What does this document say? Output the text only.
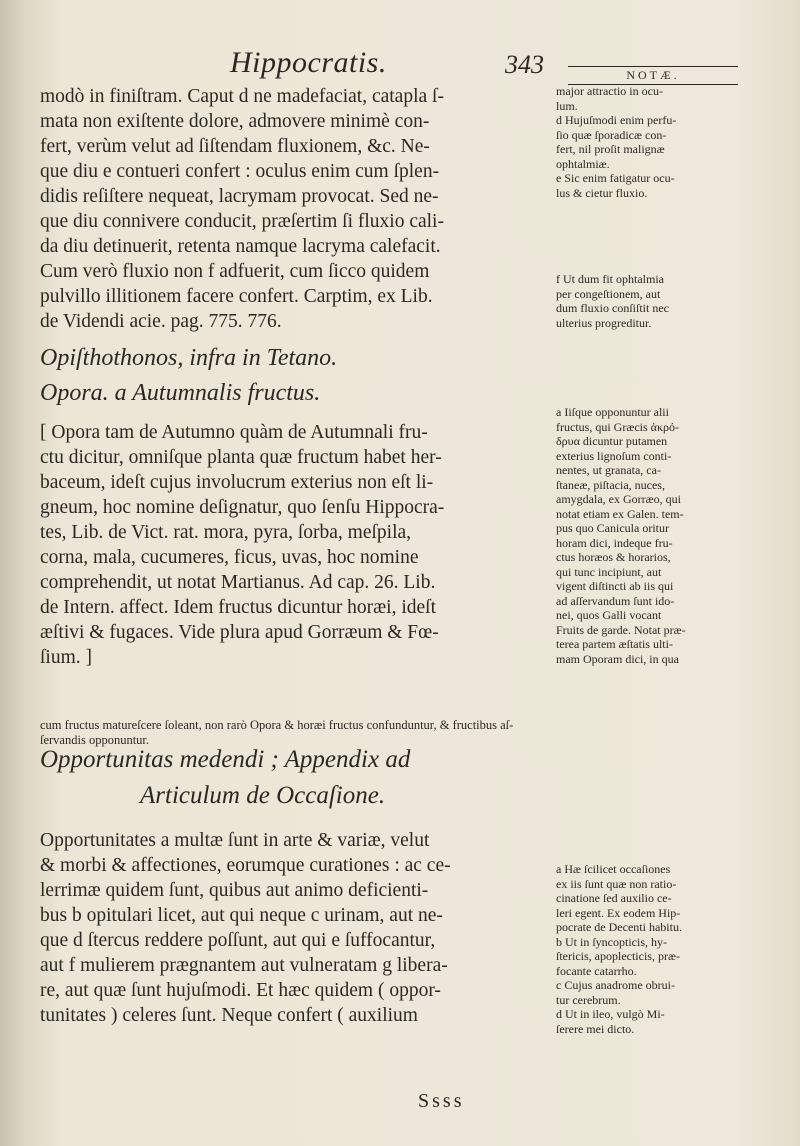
Hippocratis.	343	NOTÆ.
modò in finiſtram. Caput d ne madefaciat, catapla ſ-
mata non exiſtente dolore, admovere minimè con-
fert, verùm velut ad ſiſtendam fluxionem, &c. Ne-
que diu e contueri confert : oculus enim cum ſplen-
didis reſiſtere nequeat, lacrymam provocat. Sed ne-
que diu connivere conducit, præſertim ſi fluxio cali-
da diu detinuerit, retenta namque lacryma calefacit.
Cum verò fluxio non f adfuerit, cum ſicco quidem
pulvillo illitionem facere confert. Carptim, ex Lib.
de Videndi acie. pag. 775. 776.
Opiſthothonos, infra in Tetano.
Opora. a Autumnalis fructus.
[ Opora tam de Autumno quàm de Autumnali fru-
ctu dicitur, omniſque planta quæ fructum habet her-
baceum, ideſt cujus involucrum exterius non eſt li-
gneum, hoc nomine deſignatur, quo ſenſu Hippocra-
tes, Lib. de Vict. rat. mora, pyra, ſorba, meſpila,
corna, mala, cucumeres, ficus, uvas, hoc nomine
comprehendit, ut notat Martianus. Ad cap. 26. Lib.
de Intern. affect. Idem fructus dicuntur horæi, ideſt
æſtivi & fugaces. Vide plura apud Gorræum & Fœ-
ſium. ]
Opportunitas medendi ; Appendix ad
Articulum de Occaſione.
Opportunitates a multæ ſunt in arte & variæ, velut
& morbi & affectiones, eorumque curationes : ac ce-
lerrimæ quidem ſunt, quibus aut animo deficienti-
bus b opitulari licet, aut qui neque c urinam, aut ne-
que d ſtercus reddere poſſunt, aut qui e ſuffocantur,
aut f mulierem prægnantem aut vulneratam g libera-
re, aut quæ ſunt hujuſmodi. Et hæc quidem ( oppor-
tunitates ) celeres ſunt. Neque confert ( auxilium
major attractio in ocu-
lum.
d Hujuſmodi enim perfu-
ſio quæ ſporadicæ con-
fert, nil proſit malignæ
ophtalmiæ.
e Sic enim fatigatur ocu-
lus & cietur fluxio.
f Ut dum fit ophtalmia
per congeſtionem, aut
dum fluxio conſiſtit nec
ulterius progreditur.
a Iiſque opponuntur alii
fructus, qui Græcis ἀκρό-
δρυα dicuntur putamen
exterius lignoſum conti-
nentes, ut granata, ca-
ſtaneæ, piſtacia, nuces,
amygdala, ex Gorræo, qui
notat etiam ex Galen. tem-
pus quo Canicula oritur
horam dici, indeque fru-
ctus horæos & horarios,
qui tunc incipiunt, aut
vigent diſtincti ab iis qui
ad aſſervandum ſunt ido-
nei, quos Galli vocant
Fruits de garde. Notat præ-
terea partem æſtatis ulti-
mam Oporam dici, in qua
cum fructus matureſcere ſoleant, non rarò Opora & horæi fructus confunduntur, & fructibus aſ-
ſervandis opponuntur.
a Hæ ſcilicet occaſiones
ex iis ſunt quæ non ratio-
cinatione ſed auxilio ce-
leri egent. Ex eodem Hip-
pocrate de Decenti habitu.
b Ut in ſyncopticis, hy-
ſtericis, apoplecticis, præ-
focante catarrho.
c Cujus anadrome obrui-
tur cerebrum.
d Ut in ileo, vulgò Mi-
ſerere mei dicto.
Ssss
